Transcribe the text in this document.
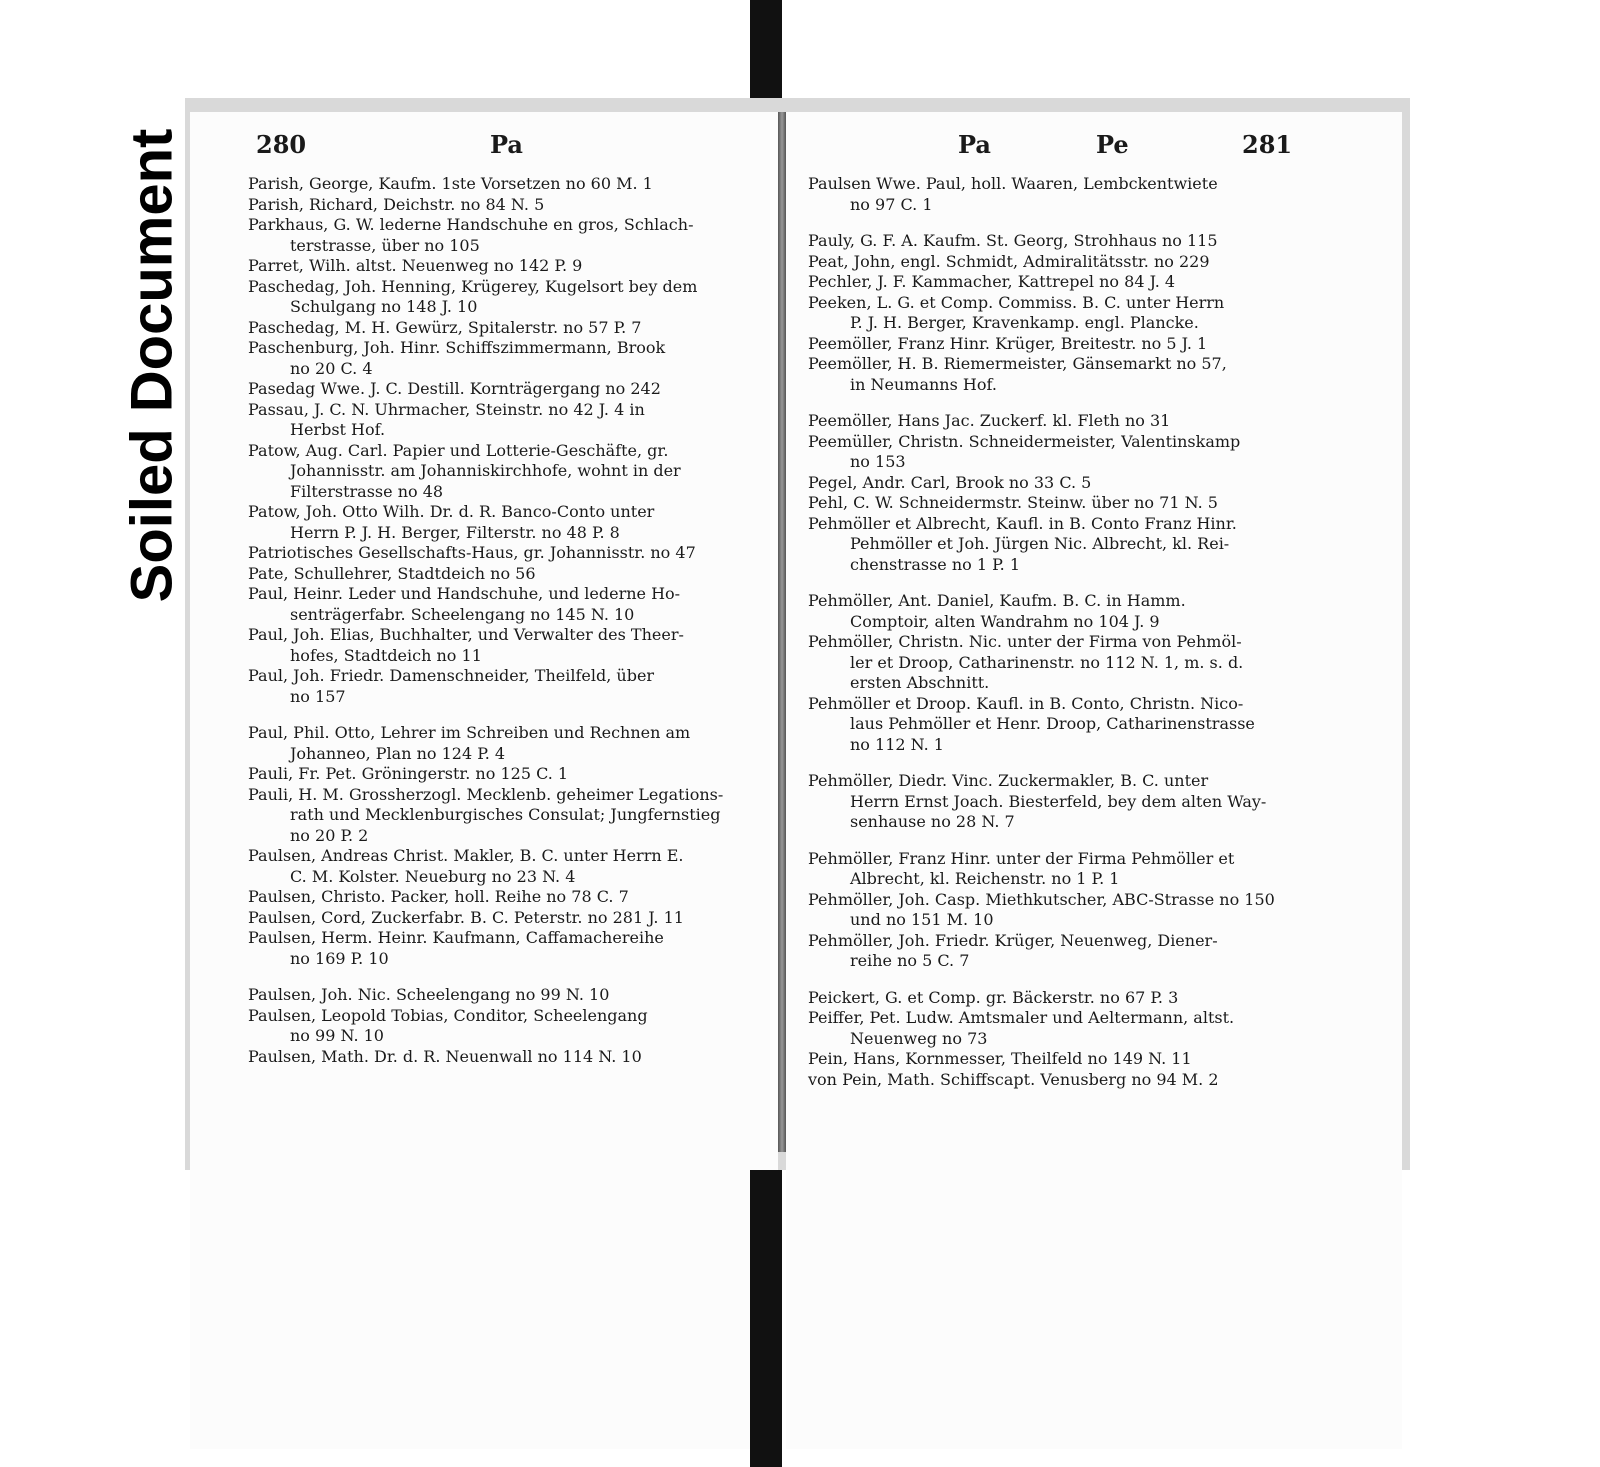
Soiled Document	280	Pa
Parish, George, Kaufm. 1ste Vorsetzen no 60 M. 1
Parish, Richard, Deichstr. no 84 N. 5
Parkhaus, G. W. lederne Handschuhe en gros, Schlach-
terstrasse, über no 105
Parret, Wilh. altst. Neuenweg no 142 P. 9
Paschedag, Joh. Henning, Krügerey, Kugelsort bey dem
Schulgang no 148 J. 10
Paschedag, M. H. Gewürz, Spitalerstr. no 57 P. 7
Paschenburg, Joh. Hinr. Schiffszimmermann, Brook
no 20 C. 4
Pasedag Wwe. J. C. Destill. Kornträgergang no 242
Passau, J. C. N. Uhrmacher, Steinstr. no 42 J. 4 in
Herbst Hof.
Patow, Aug. Carl. Papier und Lotterie-Geschäfte, gr.
Johannisstr. am Johanniskirchhofe, wohnt in der
Filterstrasse no 48
Patow, Joh. Otto Wilh. Dr. d. R. Banco-Conto unter
Herrn P. J. H. Berger, Filterstr. no 48 P. 8
Patriotisches Gesellschafts-Haus, gr. Johannisstr. no 47
Pate, Schullehrer, Stadtdeich no 56
Paul, Heinr. Leder und Handschuhe, und lederne Ho-
senträgerfabr. Scheelengang no 145 N. 10
Paul, Joh. Elias, Buchhalter, und Verwalter des Theer-
hofes, Stadtdeich no 11
Paul, Joh. Friedr. Damenschneider, Theilfeld, über
no 157
Paul, Phil. Otto, Lehrer im Schreiben und Rechnen am
Johanneo, Plan no 124 P. 4
Pauli, Fr. Pet. Gröningerstr. no 125 C. 1
Pauli, H. M. Grossherzogl. Mecklenb. geheimer Legations-
rath und Mecklenburgisches Consulat; Jungfernstieg
no 20 P. 2
Paulsen, Andreas Christ. Makler, B. C. unter Herrn E.
C. M. Kolster. Neueburg no 23 N. 4
Paulsen, Christo. Packer, holl. Reihe no 78 C. 7
Paulsen, Cord, Zuckerfabr. B. C. Peterstr. no 281 J. 11
Paulsen, Herm. Heinr. Kaufmann, Caffamachereihe
no 169 P. 10
Paulsen, Joh. Nic. Scheelengang no 99 N. 10
Paulsen, Leopold Tobias, Conditor, Scheelengang
no 99 N. 10
Paulsen, Math. Dr. d. R. Neuenwall no 114 N. 10
Pa	Pe	281
Paulsen Wwe. Paul, holl. Waaren, Lembckentwiete
no 97 C. 1
Pauly, G. F. A. Kaufm. St. Georg, Strohhaus no 115
Peat, John, engl. Schmidt, Admiralitätsstr. no 229
Pechler, J. F. Kammacher, Kattrepel no 84 J. 4
Peeken, L. G. et Comp. Commiss. B. C. unter Herrn
P. J. H. Berger, Kravenkamp. engl. Plancke.
Peemöller, Franz Hinr. Krüger, Breitestr. no 5 J. 1
Peemöller, H. B. Riemermeister, Gänsemarkt no 57,
in Neumanns Hof.
Peemöller, Hans Jac. Zuckerf. kl. Fleth no 31
Peemüller, Christn. Schneidermeister, Valentinskamp
no 153
Pegel, Andr. Carl, Brook no 33 C. 5
Pehl, C. W. Schneidermstr. Steinw. über no 71 N. 5
Pehmöller et Albrecht, Kaufl. in B. Conto Franz Hinr.
Pehmöller et Joh. Jürgen Nic. Albrecht, kl. Rei-
chenstrasse no 1 P. 1
Pehmöller, Ant. Daniel, Kaufm. B. C. in Hamm.
Comptoir, alten Wandrahm no 104 J. 9
Pehmöller, Christn. Nic. unter der Firma von Pehmöl-
ler et Droop, Catharinenstr. no 112 N. 1, m. s. d.
ersten Abschnitt.
Pehmöller et Droop. Kaufl. in B. Conto, Christn. Nico-
laus Pehmöller et Henr. Droop, Catharinenstrasse
no 112 N. 1
Pehmöller, Diedr. Vinc. Zuckermakler, B. C. unter
Herrn Ernst Joach. Biesterfeld, bey dem alten Way-
senhause no 28 N. 7
Pehmöller, Franz Hinr. unter der Firma Pehmöller et
Albrecht, kl. Reichenstr. no 1 P. 1
Pehmöller, Joh. Casp. Miethkutscher, ABC-Strasse no 150
und no 151 M. 10
Pehmöller, Joh. Friedr. Krüger, Neuenweg, Diener-
reihe no 5 C. 7
Peickert, G. et Comp. gr. Bäckerstr. no 67 P. 3
Peiffer, Pet. Ludw. Amtsmaler und Aeltermann, altst.
Neuenweg no 73
Pein, Hans, Kornmesser, Theilfeld no 149 N. 11
von Pein, Math. Schiffscapt. Venusberg no 94 M. 2
